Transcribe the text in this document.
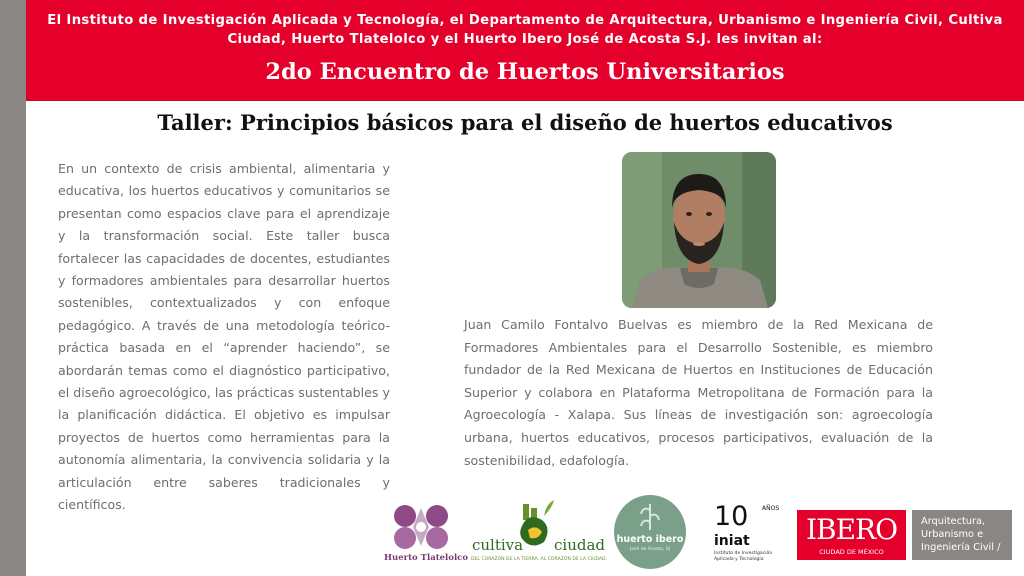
El Instituto de Investigación Aplicada y Tecnología, el Departamento de Arquitectura, Urbanismo e Ingeniería Civil, Cultiva Ciudad, Huerto Tlatelolco y el Huerto Ibero José de Acosta S.J. les invitan al:
2do Encuentro de Huertos Universitarios
Taller: Principios básicos para el diseño de huertos educativos
En un contexto de crisis ambiental, alimentaria y educativa, los huertos educativos y comunitarios se presentan como espacios clave para el aprendizaje y la transformación social. Este taller busca fortalecer las capacidades de docentes, estudiantes y formadores ambientales para desarrollar huertos sostenibles, contextualizados y con enfoque pedagógico. A través de una metodología teórico-práctica basada en el “aprender haciendo”, se abordarán temas como el diagnóstico participativo, el diseño agroecológico, las prácticas sustentables y la planificación didáctica. El objetivo es impulsar proyectos de huertos como herramientas para la autonomía alimentaria, la convivencia solidaria y la articulación entre saberes tradicionales y científicos.
Juan Camilo Fontalvo Buelvas es miembro de la Red Mexicana de Formadores Ambientales para el Desarrollo Sostenible, es miembro fundador de la Red Mexicana de Huertos en Instituciones de Educación Superior y colabora en Plataforma Metropolitana de Formación para la Agroecología - Xalapa. Sus líneas de investigación son: agroecología urbana, huertos educativos, procesos participativos, evaluación de la sostenibilidad, edafología.
Huerto Tlatelolco
cultiva ciudad
DEL CORAZÓN DE LA TIERRA, AL CORAZÓN DE LA CIUDAD.
huerto ibero
José de Acosta, SJ
10 AÑOS
iniat
Instituto de Investigación
Aplicada y Tecnología
IBERO
CIUDAD DE MÉXICO
Arquitectura,
Urbanismo e
Ingeniería Civil /
